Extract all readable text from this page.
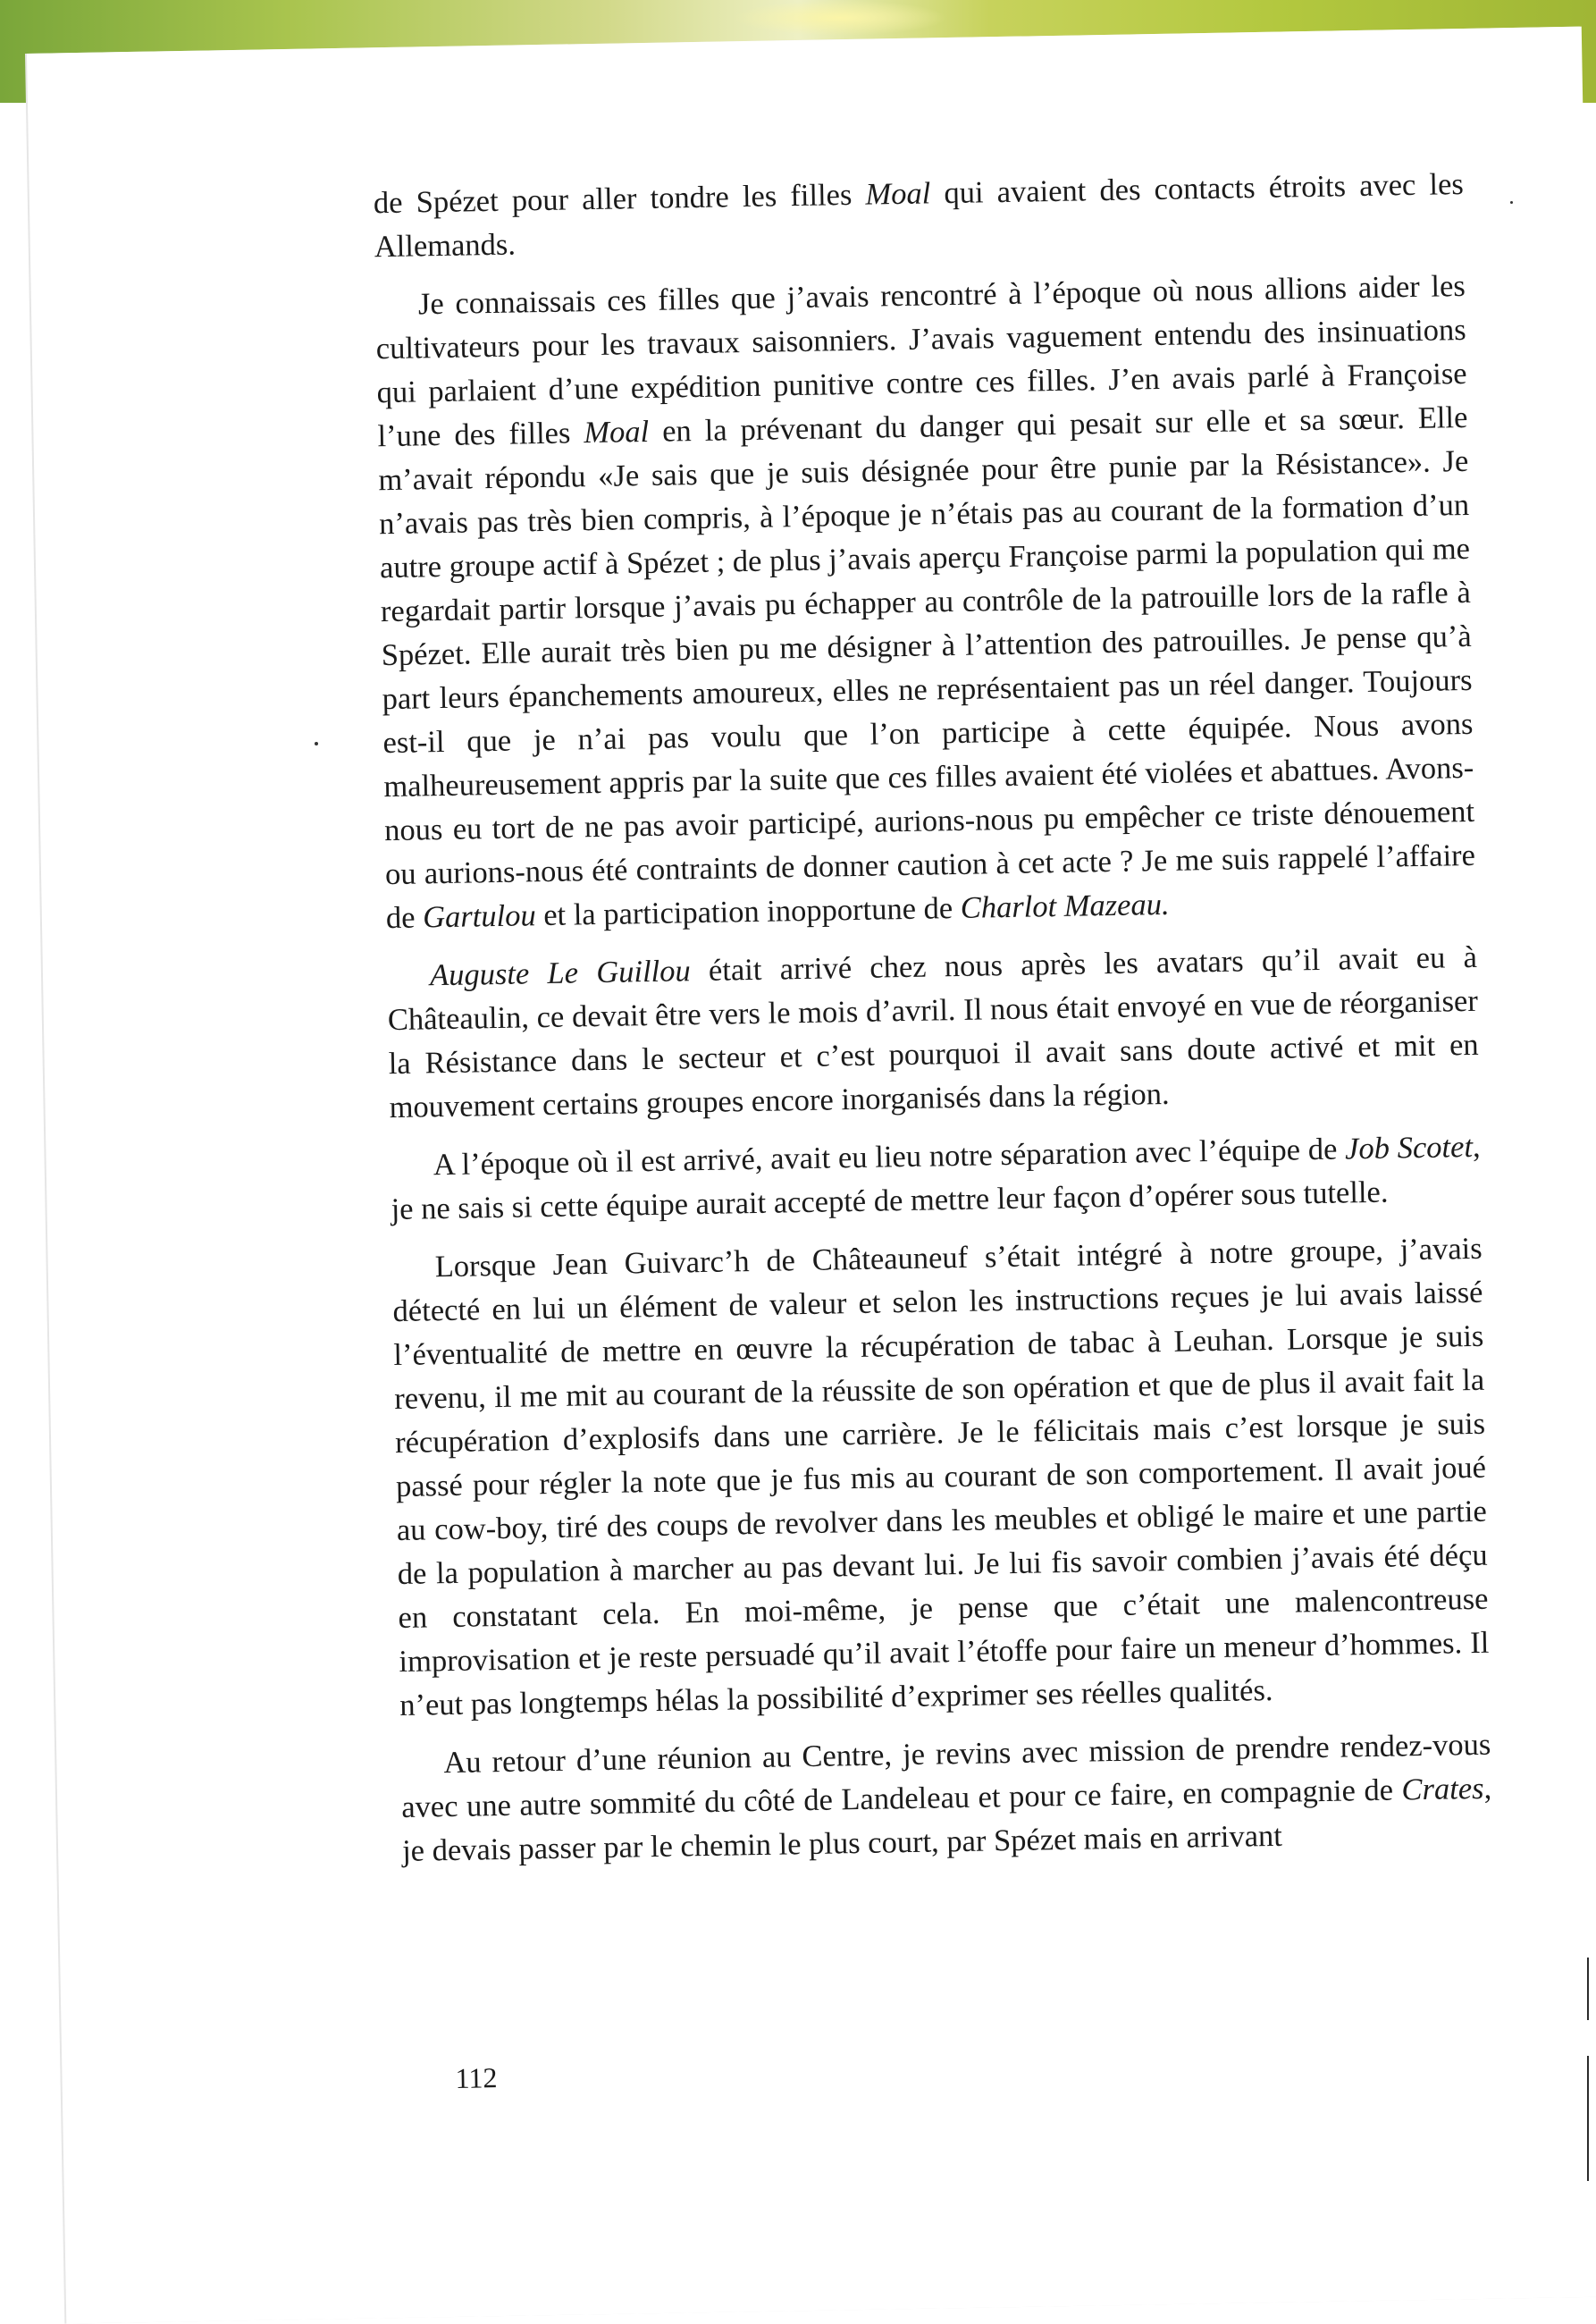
de Spézet pour aller tondre les filles Moal qui avaient des contacts étroits avec les Allemands.

Je connaissais ces filles que j’avais rencontré à l’époque où nous allions aider les cultivateurs pour les travaux saisonniers. J’avais vaguement entendu des insinuations qui parlaient d’une expédition punitive contre ces filles. J’en avais parlé à Françoise l’une des filles Moal en la prévenant du danger qui pesait sur elle et sa sœur. Elle m’avait répondu «Je sais que je suis désignée pour être punie par la Résistance». Je n’avais pas très bien compris, à l’époque je n’étais pas au courant de la formation d’un autre groupe actif à Spézet ; de plus j’avais aperçu Françoise parmi la population qui me regardait partir lorsque j’avais pu échapper au contrôle de la patrouille lors de la rafle à Spézet. Elle aurait très bien pu me désigner à l’attention des patrouilles. Je pense qu’à part leurs épanchements amoureux, elles ne représentaient pas un réel danger. Toujours est-il que je n’ai pas voulu que l’on participe à cette équipée. Nous avons malheureusement appris par la suite que ces filles avaient été violées et abattues. Avons-nous eu tort de ne pas avoir participé, aurions-nous pu empêcher ce triste dénouement ou aurions-nous été contraints de donner caution à cet acte ? Je me suis rappelé l’affaire de Gartulou et la participation inopportune de Charlot Mazeau.

Auguste Le Guillou était arrivé chez nous après les avatars qu’il avait eu à Châteaulin, ce devait être vers le mois d’avril. Il nous était envoyé en vue de réorganiser la Résistance dans le secteur et c’est pourquoi il avait sans doute activé et mit en mouvement certains groupes encore inorganisés dans la région.

A l’époque où il est arrivé, avait eu lieu notre séparation avec l’équipe de Job Scotet, je ne sais si cette équipe aurait accepté de mettre leur façon d’opérer sous tutelle.

Lorsque Jean Guivarc’h de Châteauneuf s’était intégré à notre groupe, j’avais détecté en lui un élément de valeur et selon les instructions reçues je lui avais laissé l’éventualité de mettre en œuvre la récupération de tabac à Leuhan. Lorsque je suis revenu, il me mit au courant de la réussite de son opération et que de plus il avait fait la récupération d’explosifs dans une carrière. Je le félicitais mais c’est lorsque je suis passé pour régler la note que je fus mis au courant de son comportement. Il avait joué au cow-boy, tiré des coups de revolver dans les meubles et obligé le maire et une partie de la population à marcher au pas devant lui. Je lui fis savoir combien j’avais été déçu en constatant cela. En moi-même, je pense que c’était une malencontreuse improvisation et je reste persuadé qu’il avait l’étoffe pour faire un meneur d’hommes. Il n’eut pas longtemps hélas la possibilité d’exprimer ses réelles qualités.

Au retour d’une réunion au Centre, je revins avec mission de prendre rendez-vous avec une autre sommité du côté de Landeleau et pour ce faire, en compagnie de Crates, je devais passer par le chemin le plus court, par Spézet mais en arrivant

112
